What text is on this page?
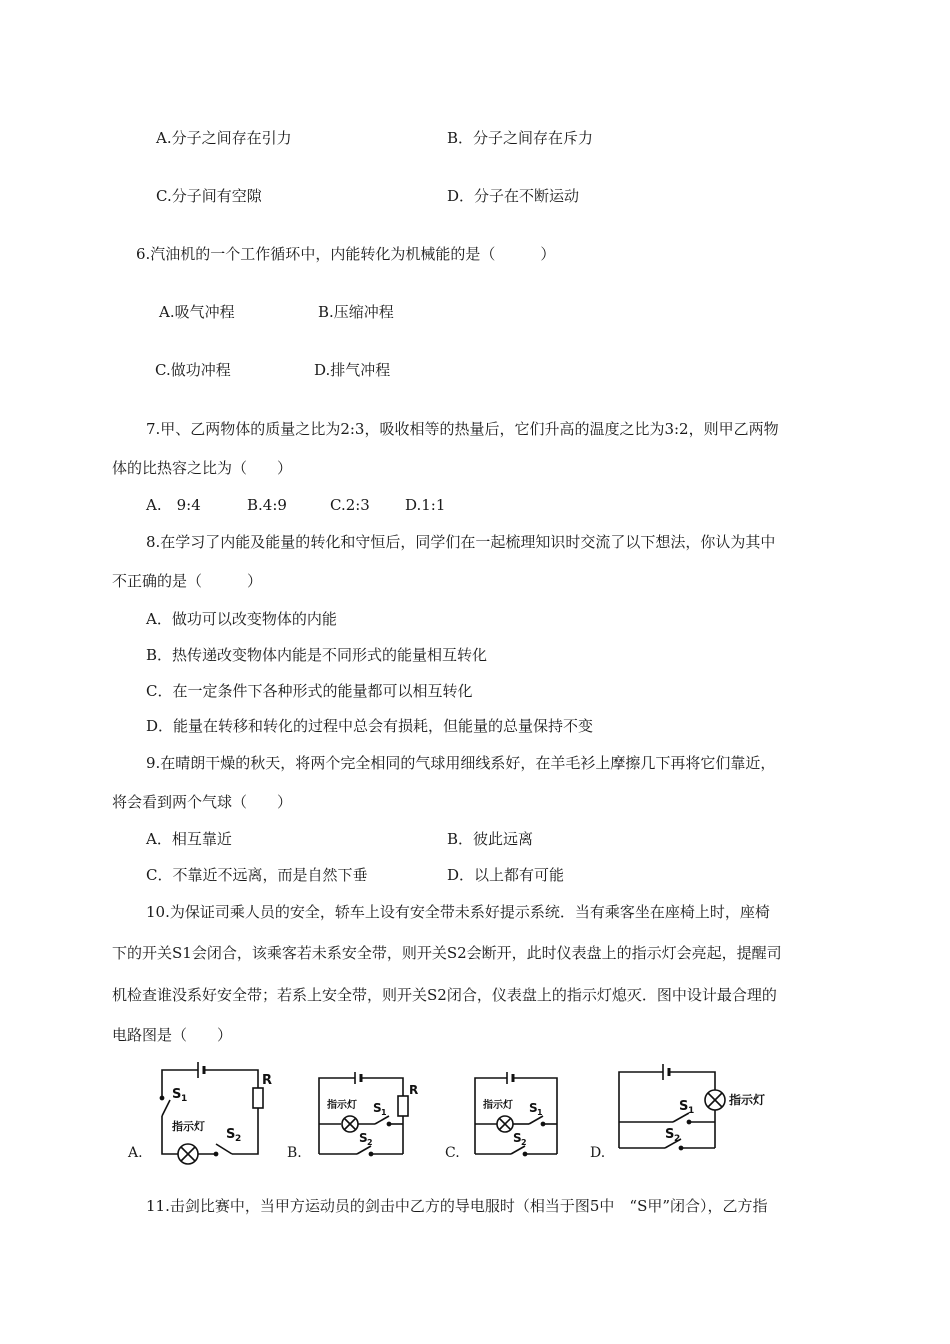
A.分子之间存在引力	B．分子之间存在斥力
C.分子间有空隙	D．分子在不断运动
6.汽油机的一个工作循环中，内能转化为机械能的是（　　　）
A.吸气冲程	B.压缩冲程
C.做功冲程	D.排气冲程
7.甲、乙两物体的质量之比为2:3，吸收相等的热量后，它们升高的温度之比为3:2，则甲乙两物
体的比热容之比为（　　）
A.　9:4	B.4:9	C.2:3 D.1:1
8.在学习了内能及能量的转化和守恒后，同学们在一起梳理知识时交流了以下想法，你认为其中
不正确的是（　　　）
A．做功可以改变物体的内能
B．热传递改变物体内能是不同形式的能量相互转化
C．在一定条件下各种形式的能量都可以相互转化
D．能量在转移和转化的过程中总会有损耗，但能量的总量保持不变
9.在晴朗干燥的秋天，将两个完全相同的气球用细线系好，在羊毛衫上摩擦几下再将它们靠近，
将会看到两个气球（　　）
A．相互靠近	B．彼此远离
C．不靠近不远离，而是自然下垂	D．以上都有可能
10.为保证司乘人员的安全，轿车上设有安全带未系好提示系统．当有乘客坐在座椅上时，座椅
下的开关S1会闭合，该乘客若未系安全带，则开关S2会断开，此时仪表盘上的指示灯会亮起，提醒司
机检查谁没系好安全带；若系上安全带，则开关S2闭合，仪表盘上的指示灯熄灭．图中设计最合理的
电路图是（　　）
A.	B.	C.	D.
S 1
R
指示灯
S 2
指示灯 S 1
S 2
R
指示灯 S 1
S 2
指示灯
S 1
S 2
11.击剑比赛中，当甲方运动员的剑击中乙方的导电服时（相当于图5中　“S甲”闭合），乙方指
